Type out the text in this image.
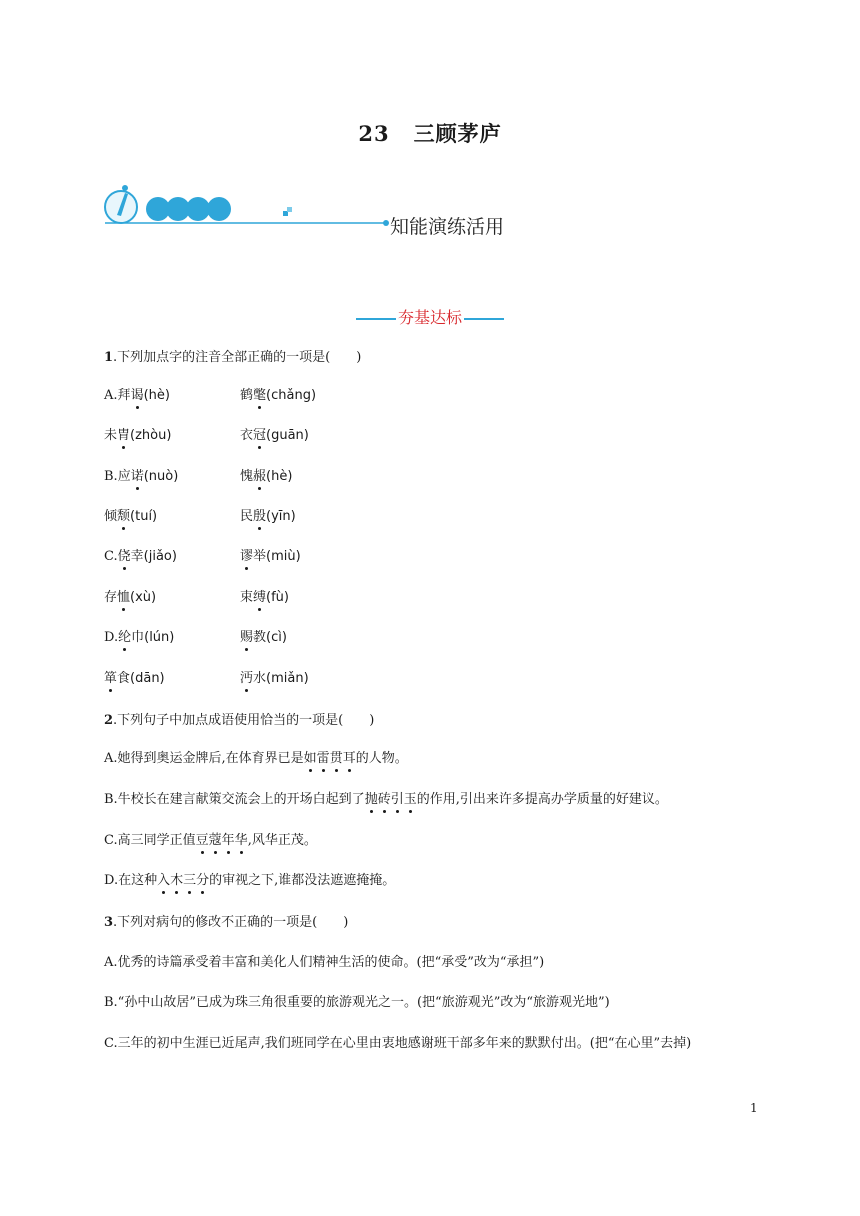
23 三顾茅庐
知能演练活用
夯基达标
1.下列加点字的注音全部正确的一项是(　　)
A.拜谒(hè)	鹤氅(chǎng)
未胄(zhòu)	衣冠(guān)
B.应诺(nuò)	愧赧(hè)
倾颓(tuí)	民殷(yīn)
C.侥幸(jiǎo)	谬举(miù)
存恤(xù)	束缚(fù)
D.纶巾(lún)	赐教(cì)
箪食(dān)	沔水(miǎn)
2.下列句子中加点成语使用恰当的一项是(　　)
A.她得到奥运金牌后,在体育界已是如雷贯耳的人物。
B.牛校长在建言献策交流会上的开场白起到了抛砖引玉的作用,引出来许多提高办学质量的好建议。
C.高三同学正值豆蔻年华,风华正茂。
D.在这种入木三分的审视之下,谁都没法遮遮掩掩。
3.下列对病句的修改不正确的一项是(　　)
A.优秀的诗篇承受着丰富和美化人们精神生活的使命。(把“承受”改为“承担”)
B.“孙中山故居”已成为珠三角很重要的旅游观光之一。(把“旅游观光”改为“旅游观光地”)
C.三年的初中生涯已近尾声,我们班同学在心里由衷地感谢班干部多年来的默默付出。(把“在心里”去掉)
1
